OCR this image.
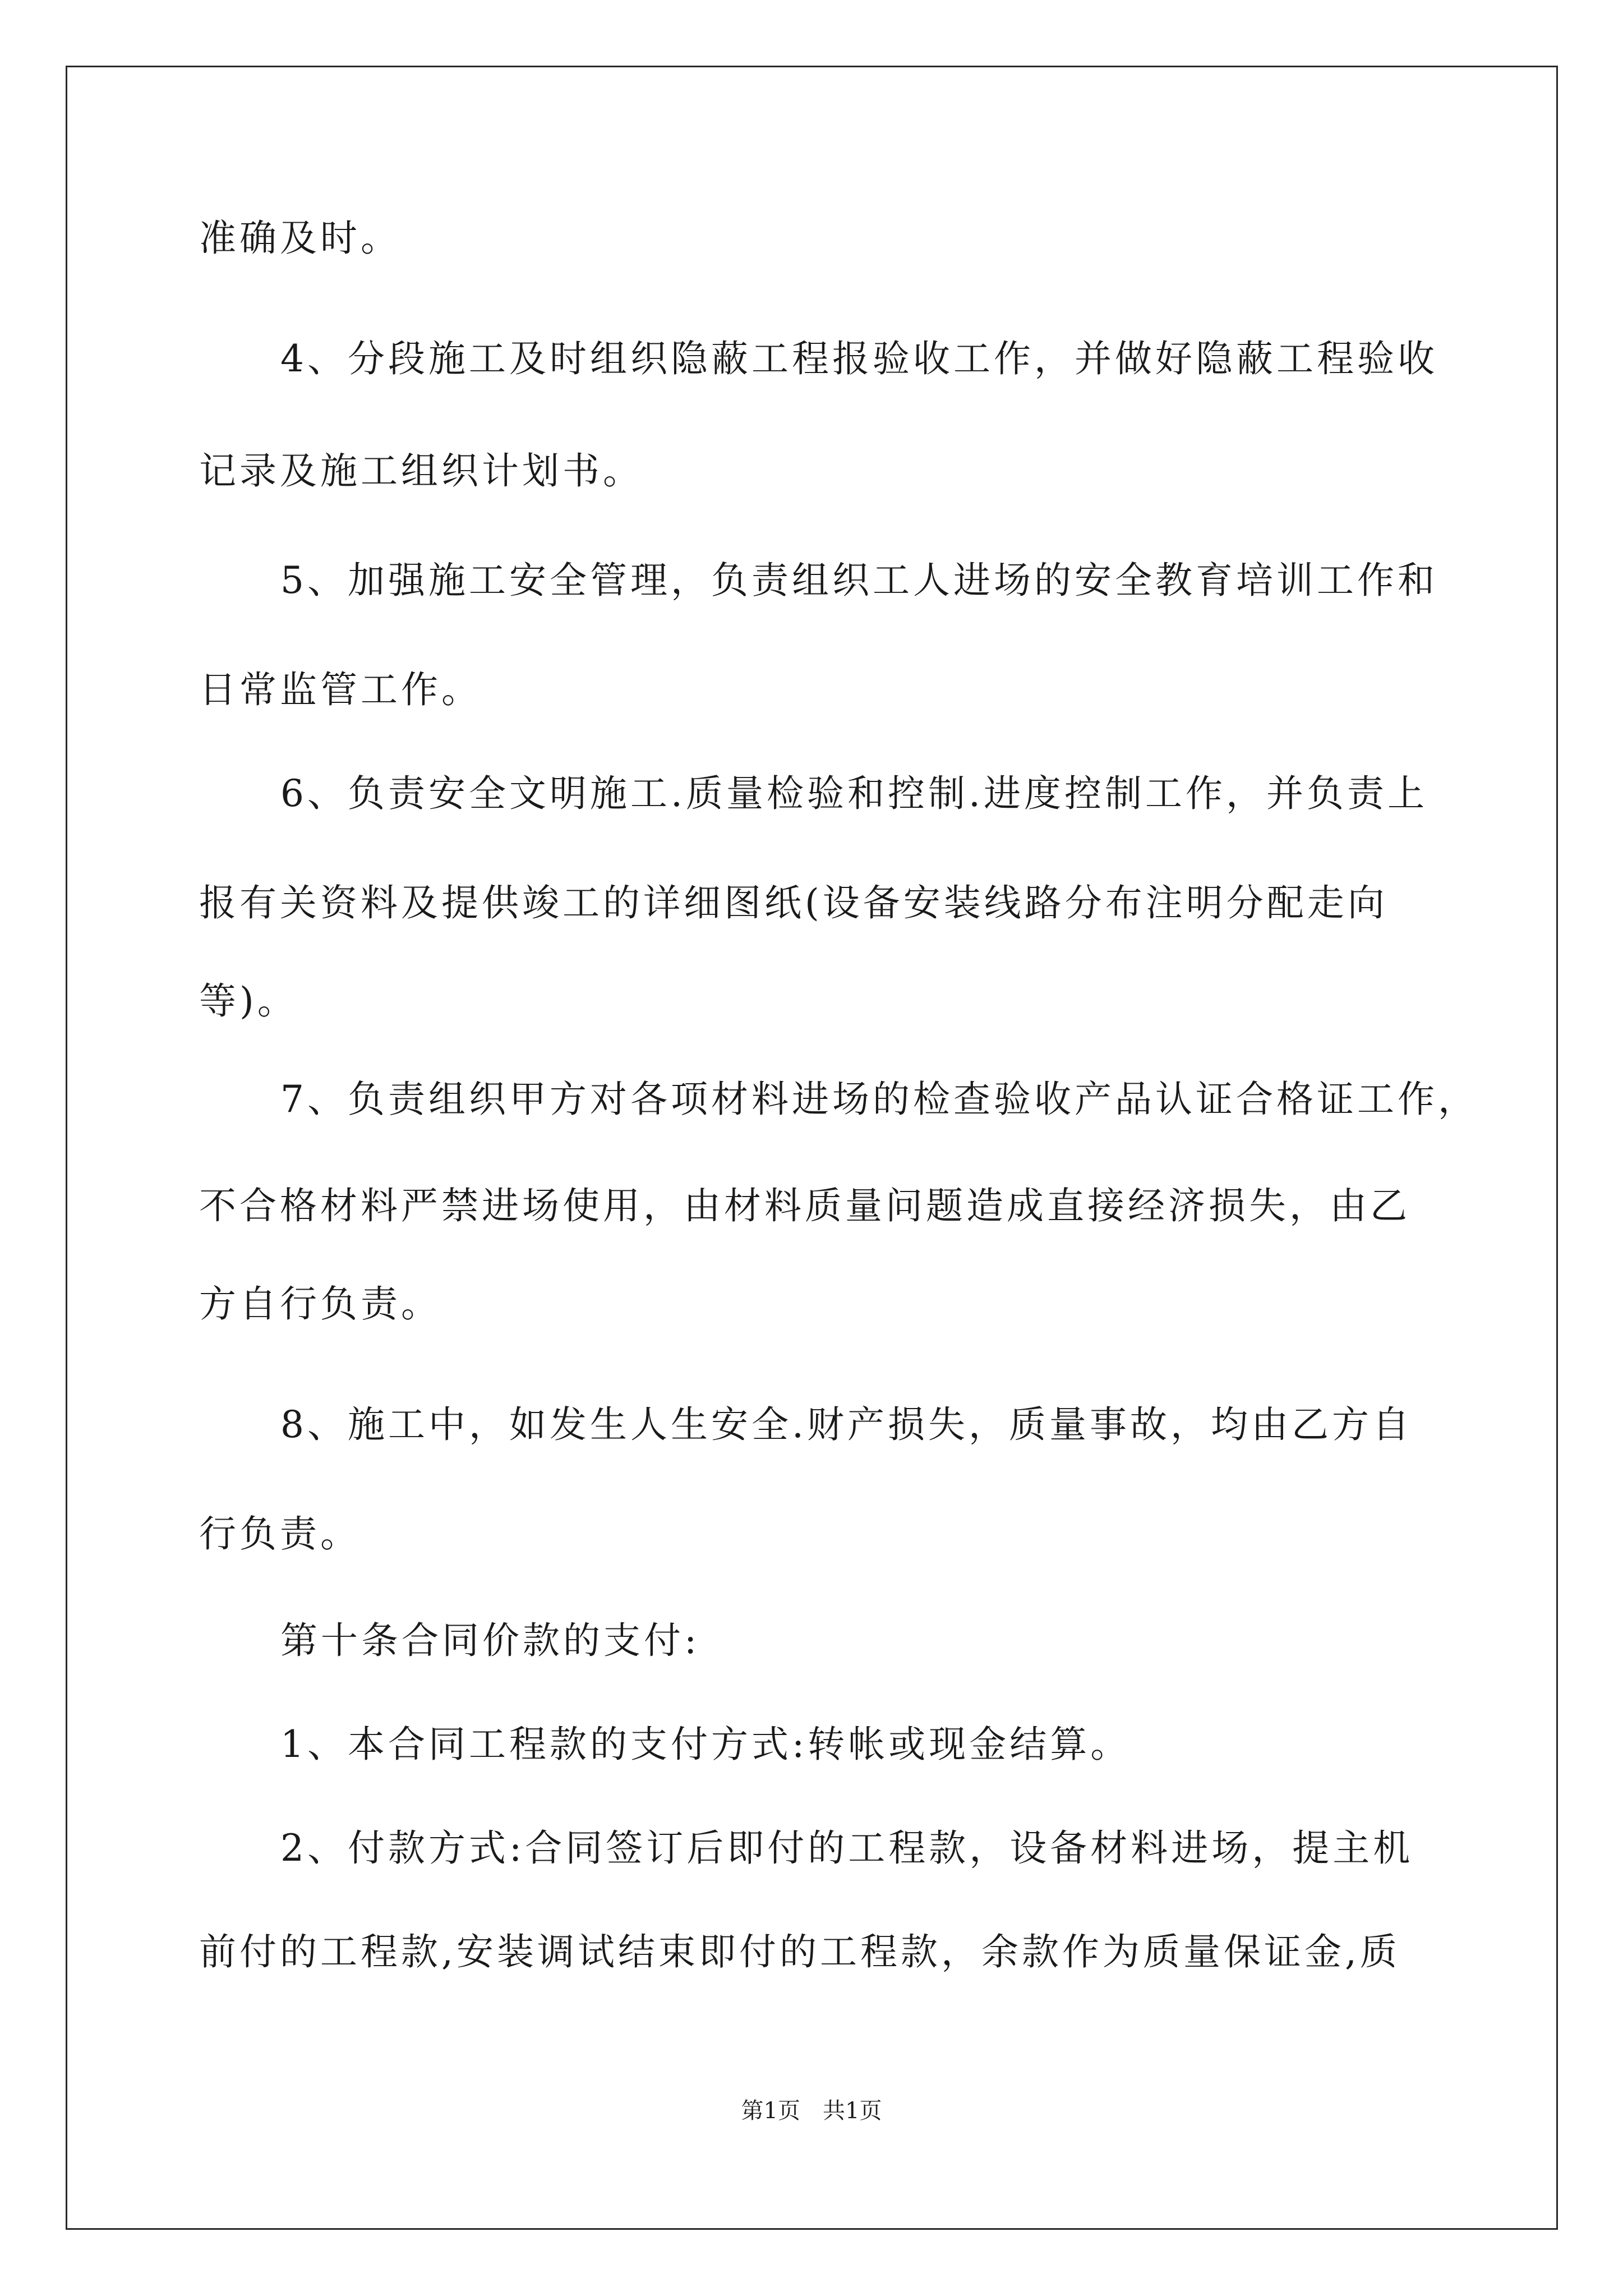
准确及时。
4、分段施工及时组织隐蔽工程报验收工作，并做好隐蔽工程验收
记录及施工组织计划书。
5、加强施工安全管理，负责组织工人进场的安全教育培训工作和
日常监管工作。
6、负责安全文明施工.质量检验和控制.进度控制工作，并负责上
报有关资料及提供竣工的详细图纸(设备安装线路分布注明分配走向
等)。
7、负责组织甲方对各项材料进场的检查验收产品认证合格证工作，
不合格材料严禁进场使用，由材料质量问题造成直接经济损失，由乙
方自行负责。
8、施工中，如发生人生安全.财产损失，质量事故，均由乙方自
行负责。
第十条合同价款的支付:
1、本合同工程款的支付方式:转帐或现金结算。
2、付款方式:合同签订后即付的工程款，设备材料进场，提主机
前付的工程款,安装调试结束即付的工程款，余款作为质量保证金,质
第1页　共1页
